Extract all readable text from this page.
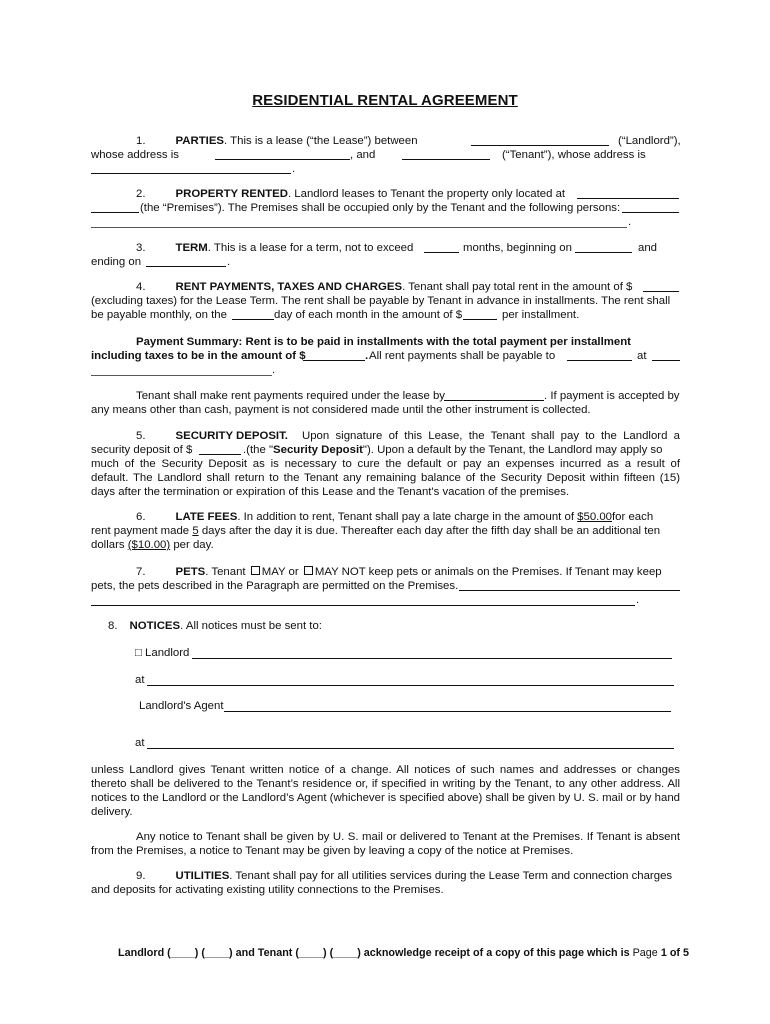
RESIDENTIAL RENTAL AGREEMENT
1.	PARTIES. This is a lease (“the Lease”) between	(“Landlord”),
whose address is	, and	(“Tenant”), whose address is
.
2.	PROPERTY RENTED. Landlord leases to Tenant the property only located at
(the “Premises”). The Premises shall be occupied only by the Tenant and the following persons:
.
3.	TERM. This is a lease for a term, not to exceed	months, beginning on	and
ending on	.
4.	RENT PAYMENTS, TAXES AND CHARGES. Tenant shall pay total rent in the amount of $
(excluding taxes) for the Lease Term. The rent shall be payable by Tenant in advance in installments. The rent shall
be payable monthly, on the	day of each month in the amount of $	per installment.
Payment Summary: Rent is to be paid in installments with the total payment per installment
including taxes to be in the amount of $	. All rent payments shall be payable to	at
.
Tenant shall make rent payments required under the lease by	. If payment is accepted by
any means other than cash, payment is not considered made until the other instrument is collected.
5.	SECURITY DEPOSIT. Upon signature of this Lease, the Tenant shall pay to the Landlord a
security deposit of $	.(the "Security Deposit"). Upon a default by the Tenant, the Landlord may apply so
much of the Security Deposit as is necessary to cure the default or pay an expenses incurred as a result of
default. The Landlord shall return to the Tenant any remaining balance of the Security Deposit within fifteen (15)
days after the termination or expiration of this Lease and the Tenant's vacation of the premises.
6.	LATE FEES. In addition to rent, Tenant shall pay a late charge in the amount of $50.00for each
rent payment made 5 days after the day it is due. Thereafter each day after the fifth day shall be an additional ten
dollars ($10.00) per day.
7.	PETS. Tenant MAY or MAY NOT keep pets or animals on the Premises. If Tenant may keep
pets, the pets described in the Paragraph are permitted on the Premises.
.
8. NOTICES. All notices must be sent to:
□ Landlord
at
Landlord's Agent
at
unless Landlord gives Tenant written notice of a change. All notices of such names and addresses or changes
thereto shall be delivered to the Tenant’s residence or, if specified in writing by the Tenant, to any other address. All
notices to the Landlord or the Landlord’s Agent (whichever is specified above) shall be given by U. S. mail or by hand
delivery.
Any notice to Tenant shall be given by U. S. mail or delivered to Tenant at the Premises. If Tenant is absent
from the Premises, a notice to Tenant may be given by leaving a copy of the notice at Premises.
9.	UTILITIES. Tenant shall pay for all utilities services during the Lease Term and connection charges
and deposits for activating existing utility connections to the Premises.
Landlord (____) (____) and Tenant (____) (____) acknowledge receipt of a copy of this page which is Page 1 of 5
